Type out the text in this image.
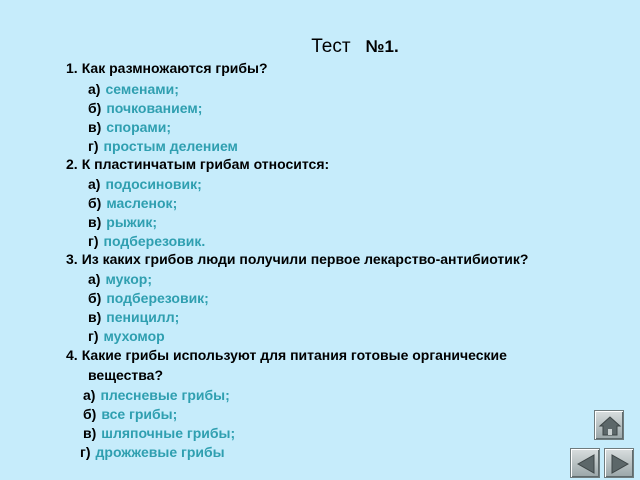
Тест №1.
1. Как размножаются грибы?
а) семенами;
б) почкованием;
в) спорами;
г) простым делением
2. К пластинчатым грибам относится:
а) подосиновик;
б) масленок;
в) рыжик;
г) подберезовик.
3. Из каких грибов люди получили первое лекарство-антибиотик?
а) мукор;
б) подберезовик;
в) пеницилл;
г) мухомор
4. Какие грибы используют для питания готовые органические
вещества?
а) плесневые грибы;
б) все грибы;
в) шляпочные грибы;
г) дрожжевые грибы
